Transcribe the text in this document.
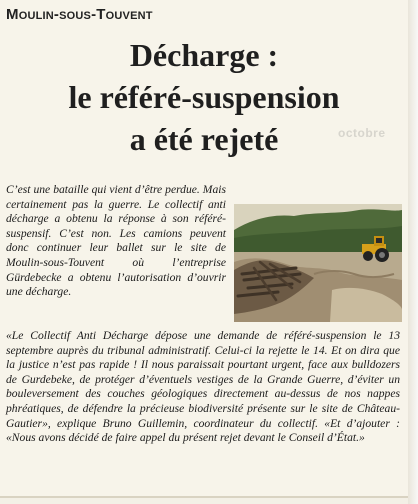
Moulin-sous-Touvent
Décharge :
le référé-suspension
a été rejeté	octobre
C’est une bataille qui vient d’être perdue. Mais certainement pas la guerre. Le collectif anti décharge a obtenu la réponse à son référé-suspensif. C’est non. Les camions peuvent donc continuer leur ballet sur le site de Moulin-sous-Touvent où l’entreprise Gürdebecke a obtenu l’autorisation d’ouvrir une décharge.
«Le Collectif Anti Décharge dépose une demande de référé-suspension le 13 septembre auprès du tribunal administratif. Celui-ci la rejette le 14. Et on dira que la justice n’est pas rapide ! Il nous paraissait pourtant urgent, face aux bulldozers de Gurdebeke, de protéger d’éventuels vestiges de la Grande Guerre, d’éviter un bouleversement des couches géologiques directement au-dessus de nos nappes phréatiques, de défendre la précieuse biodiversité présente sur le site de Château-Gautier», explique Bruno Guillemin, coordinateur du collectif. «Et d’ajouter : «Nous avons décidé de faire appel du présent rejet devant le Conseil d’État.»
